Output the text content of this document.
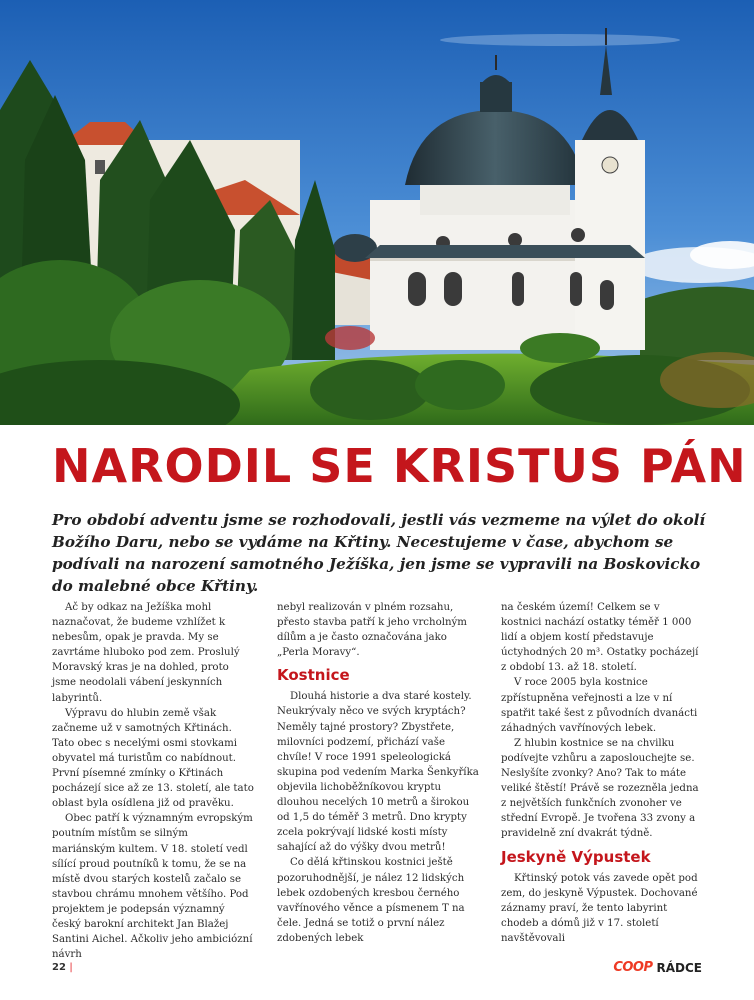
NARODIL SE KRISTUS PÁN
Pro období adventu jsme se rozhodovali, jestli vás vezmeme na výlet do okolí Božího Daru, nebo se vydáme na Křtiny. Necestujeme v čase, abychom se podívali na narození samotného Ježíška, jen jsme se vypravili na Boskovicko do malebné obce Křtiny.

Ač by odkaz na Ježíška mohl naznačovat, že budeme vzhlížet k nebesům, opak je pravda. My se zavrtáme hluboko pod zem. Proslulý Moravský kras je na dohled, proto jsme neodolali vábení jeskynních labyrintů.

Výpravu do hlubin země však začneme už v samotných Křtinách. Tato obec s necelými osmi stovkami obyvatel má turistům co nabídnout. První písemné zmínky o Křtinách pocházejí sice až ze 13. století, ale tato oblast byla osídlena již od pravěku.

Obec patří k významným evropským poutním místům se silným mariánským kultem. V 18. století vedl sílící proud poutníků k tomu, že se na místě dvou starých kostelů začalo se stavbou chrámu mnohem většího. Pod projektem je podepsán významný český barokní architekt Jan Blažej Santini Aichel. Ačkoliv jeho ambiciózní návrh

nebyl realizován v plném rozsahu, přesto stavba patří k jeho vrcholným dílům a je často označována jako „Perla Moravy“.

Kostnice

Dlouhá historie a dva staré kostely. Neukrývaly něco ve svých kryptách? Neměly tajné prostory? Zbystřete, milovníci podzemí, přichází vaše chvíle! V roce 1991 speleologická skupina pod vedením Marka Šenkyříka objevila lichoběžníkovou kryptu dlouhou necelých 10 metrů a širokou od 1,5 do téměř 3 metrů. Dno krypty zcela pokrývají lidské kosti místy sahající až do výšky dvou metrů!

Co dělá křtinskou kostnici ještě pozoruhodnější, je nález 12 lidských lebek ozdobených kresbou černého vavřínového věnce a písmenem T na čele. Jedná se totiž o první nález zdobených lebek

na českém území! Celkem se v kostnici nachází ostatky téměř 1 000 lidí a objem kostí představuje úctyhodných 20 m³. Ostatky pocházejí z období 13. až 18. století.

V roce 2005 byla kostnice zpřístupněna veřejnosti a lze v ní spatřit také šest z původních dvanácti záhadných vavřínových lebek.

Z hlubin kostnice se na chvilku podívejte vzhůru a zaposlouchejte se. Neslyšíte zvonky? Ano? Tak to máte veliké štěstí! Právě se rozezněla jedna z největších funkčních zvonoher ve střední Evropě. Je tvořena 33 zvony a pravidelně zní dvakrát týdně.

Jeskyně Výpustek

Křtinský potok vás zavede opět pod zem, do jeskyně Výpustek. Dochované záznamy praví, že tento labyrint chodeb a dómů již v 17. století navštěvovali

22 |	COOP RÁDCE
